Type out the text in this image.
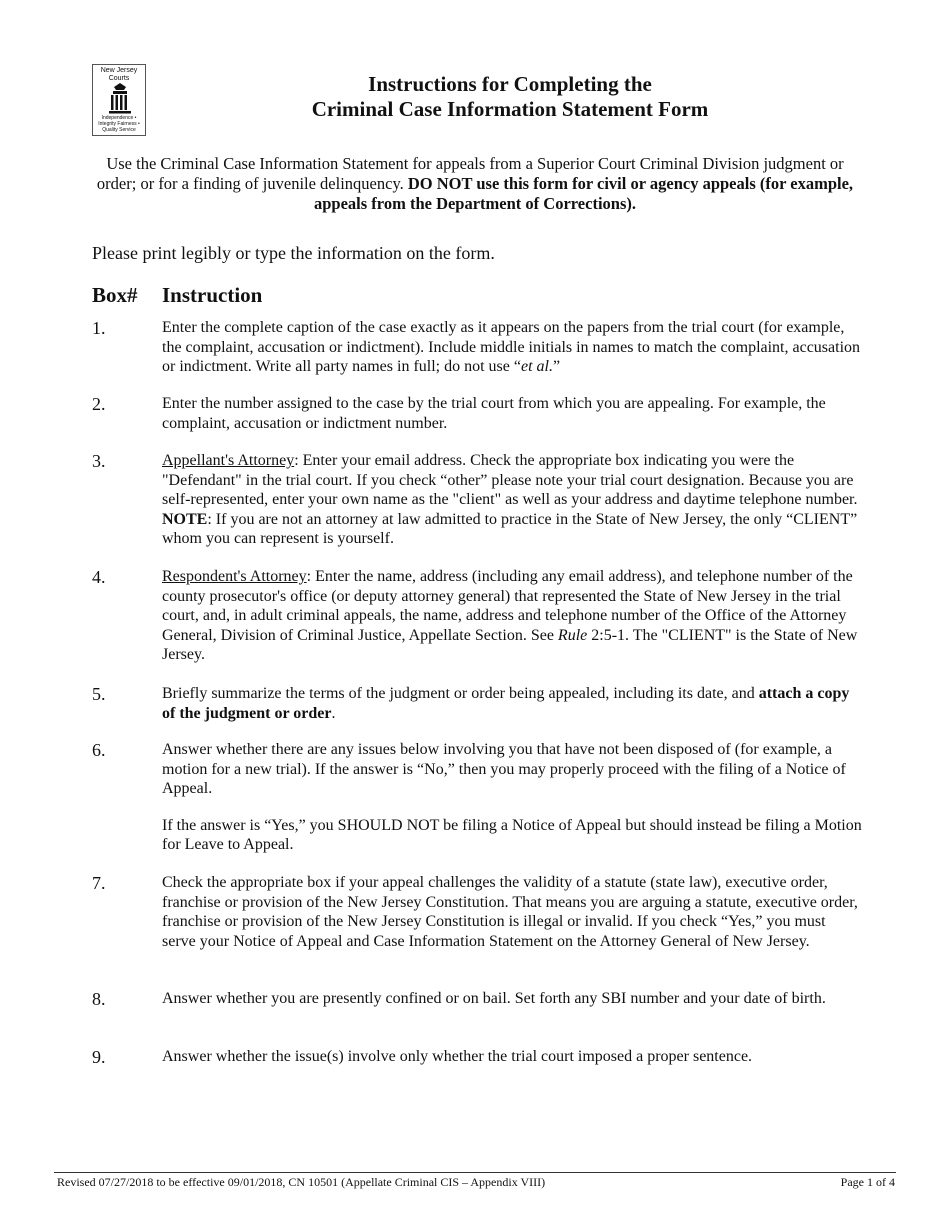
New Jersey Courts
Independence • Integrity Fairness • Quality Service
Instructions for Completing the
Criminal Case Information Statement Form
Use the Criminal Case Information Statement for appeals from a Superior Court Criminal Division judgment or order; or for a finding of juvenile delinquency. DO NOT use this form for civil or agency appeals (for example, appeals from the Department of Corrections).
Please print legibly or type the information on the form.
Box# Instruction
1.	Enter the complete caption of the case exactly as it appears on the papers from the trial court (for example, the complaint, accusation or indictment). Include middle initials in names to match the complaint, accusation or indictment. Write all party names in full; do not use “et al.”
2.	Enter the number assigned to the case by the trial court from which you are appealing. For example, the complaint, accusation or indictment number.
3.	Appellant's Attorney: Enter your email address. Check the appropriate box indicating you were the "Defendant" in the trial court. If you check “other” please note your trial court designation. Because you are self-represented, enter your own name as the "client" as well as your address and daytime telephone number. NOTE: If you are not an attorney at law admitted to practice in the State of New Jersey, the only “CLIENT” whom you can represent is yourself.
4.	Respondent's Attorney: Enter the name, address (including any email address), and telephone number of the county prosecutor's office (or deputy attorney general) that represented the State of New Jersey in the trial court, and, in adult criminal appeals, the name, address and telephone number of the Office of the Attorney General, Division of Criminal Justice, Appellate Section. See Rule 2:5-1. The "CLIENT" is the State of New Jersey.
5.	Briefly summarize the terms of the judgment or order being appealed, including its date, and attach a copy of the judgment or order.
6.	Answer whether there are any issues below involving you that have not been disposed of (for example, a motion for a new trial). If the answer is “No,” then you may properly proceed with the filing of a Notice of Appeal.

If the answer is “Yes,” you SHOULD NOT be filing a Notice of Appeal but should instead be filing a Motion for Leave to Appeal.

7.	Check the appropriate box if your appeal challenges the validity of a statute (state law), executive order, franchise or provision of the New Jersey Constitution. That means you are arguing a statute, executive order, franchise or provision of the New Jersey Constitution is illegal or invalid. If you check “Yes,” you must serve your Notice of Appeal and Case Information Statement on the Attorney General of New Jersey.
8.	Answer whether you are presently confined or on bail. Set forth any SBI number and your date of birth.
9.	Answer whether the issue(s) involve only whether the trial court imposed a proper sentence.
Revised 07/27/2018 to be effective 09/01/2018, CN 10501 (Appellate Criminal CIS – Appendix VIII)	Page 1 of 4
